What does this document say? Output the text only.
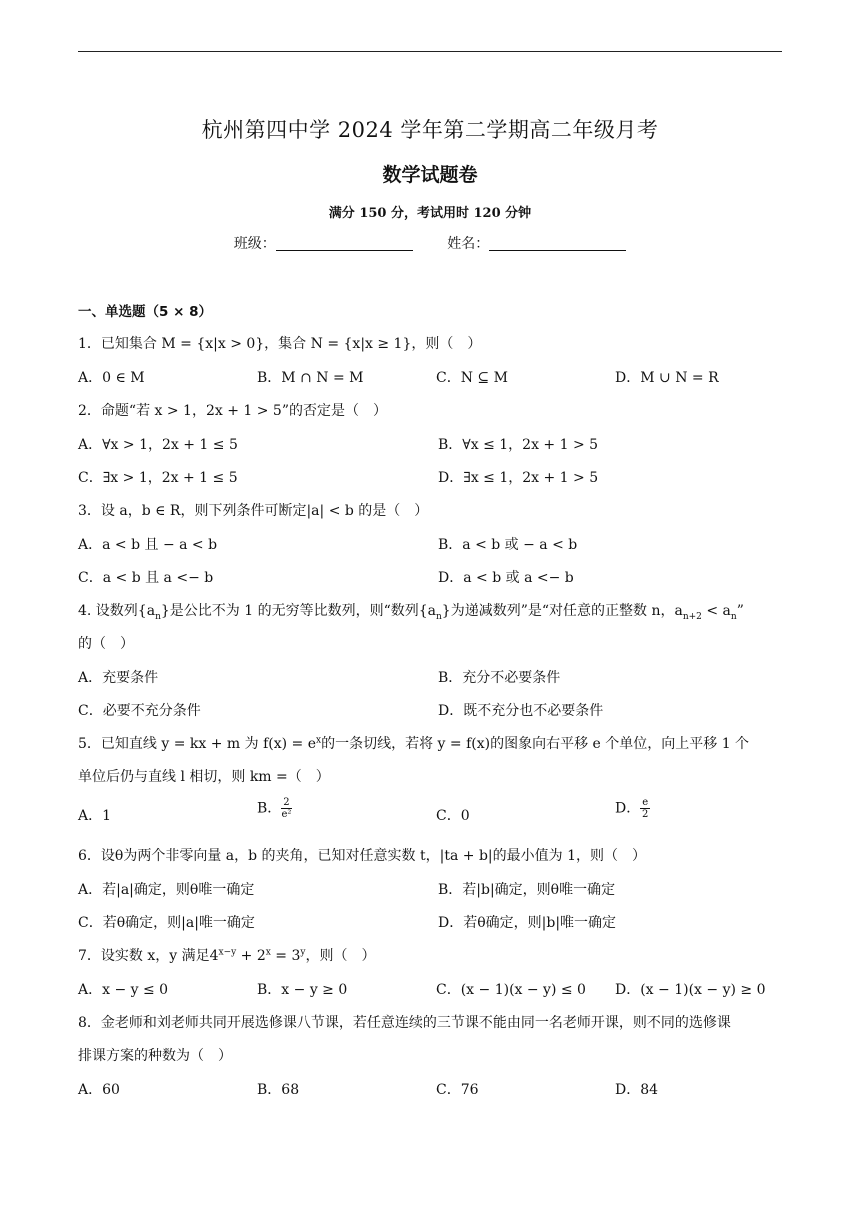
杭州第四中学 2024 学年第二学期高二年级月考
数学试题卷
满分 150 分，考试用时 120 分钟
班级：	姓名：
一、单选题（5 × 8）
1．已知集合 M = {x|x > 0}，集合 N = {x|x ≥ 1}，则（　）
A．0 ∈ M	B．M ∩ N = M	C．N ⊆ M	D．M ∪ N = R
2．命题“若 x > 1，2x + 1 > 5”的否定是（　）
A．∀x > 1，2x + 1 ≤ 5	B．∀x ≤ 1，2x + 1 > 5
C．∃x > 1，2x + 1 ≤ 5	D．∃x ≤ 1，2x + 1 > 5
3．设 a，b ∈ R，则下列条件可断定|a| < b 的是（　）
A．a < b 且 − a < b	B．a < b 或 − a < b
C．a < b 且 a <− b	D．a < b 或 a <− b
4. 设数列$\{a_n\}$是公比不为 1 的无穷等比数列，则“数列$\{a_n\}$为递减数列”是“对任意的正整数 n，$a_{n+2} < a_n$”
的（　）
A．充要条件	B．充分不必要条件
C．必要不充分条件	D．既不充分也不必要条件
5．已知直线 y = kx + m 为 $f(x) = e^x$的一条切线，若将 y = f(x)的图象向右平移 e 个单位，向上平移 1 个
单位后仍与直线 l 相切，则 km =（　）
A．1	B． $\frac{2}{\text{e²}}$	C．0	D． $\frac{e}{2}$
6．设θ为两个非零向量 a，b 的夹角，已知对任意实数 t，|ta + b|的最小值为 1，则（　）
A．若|a|确定，则θ唯一确定	B．若|b|确定，则θ唯一确定
C．若θ确定，则|a|唯一确定	D．若θ确定，则|b|唯一确定
7．设实数 x，y 满足$4^{x-y} + 2^x = 3^y$，则（　）
A．x − y ≤ 0	B．x − y ≥ 0	C．(x − 1)(x − y) ≤ 0 D．(x − 1)(x − y) ≥ 0
8．金老师和刘老师共同开展选修课八节课，若任意连续的三节课不能由同一名老师开课，则不同的选修课
排课方案的种数为（　）
A．60	B．68	C．76	D．84
